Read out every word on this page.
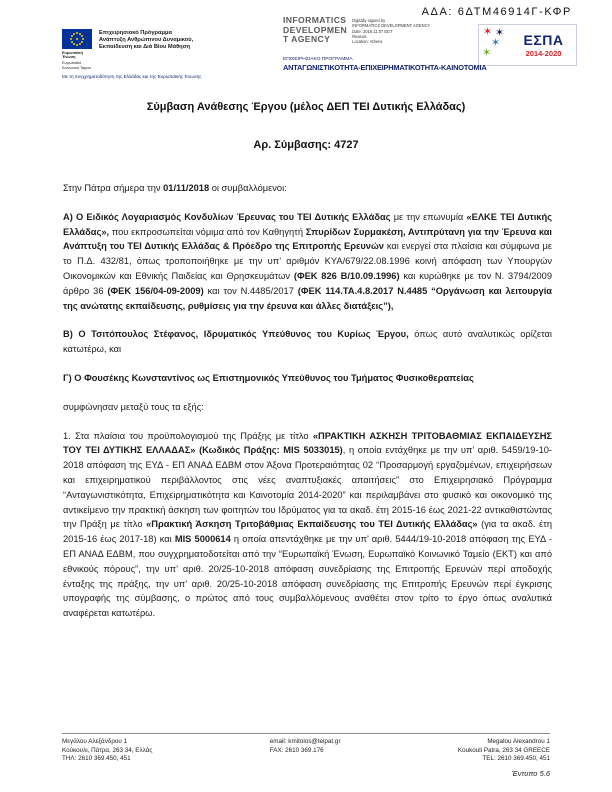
ΑΔΑ: 6ΔΤΜ46914Γ-ΚΦΡ
Ευρωπαϊκή Ένωση
Ευρωπαϊκό Κοινωνικό Ταμείο
Επιχειρησιακό Πρόγραμμα
Ανάπτυξη Ανθρώπινου Δυναμικού,
Εκπαίδευση και Διά Βίου Μάθηση
Με τη συγχρηματοδότηση της Ελλάδας και της Ευρωπαϊκής Ένωσης
INFORMATICS
DEVELOPMEN
T AGENCY
Digitally signed by
INFORMATICS DEVELOPMENT AGENCY
Date: 2018.11.07 EET
Reason:
Location: Athens
✶
✶
✶
✶	ΕΣΠΑ
2014-2020
ΕΠΙΧΕΙΡΗΣΙΑΚΟ ΠΡΟΓΡΑΜΜΑ
ΑΝΤΑΓΩΝΙΣΤΙΚΟΤΗΤΑ-ΕΠΙΧΕΙΡΗΜΑΤΙΚΟΤΗΤΑ-ΚΑΙΝΟΤΟΜΙΑ
Σύμβαση Ανάθεσης Έργου (μέλος ΔΕΠ ΤΕΙ Δυτικής Ελλάδας)
Αρ. Σύμβασης: 4727

Στην Πάτρα σήμερα την 01/11/2018 οι συμβαλλόμενοι:

Α) Ο Ειδικός Λογαριασμός Κονδυλίων Έρευνας του ΤΕΙ Δυτικής Ελλάδας με την επωνυμία «ΕΛΚΕ ΤΕΙ Δυτικής Ελλάδας», που εκπροσωπείται νόμιμα από τον Καθηγητή Σπυρίδων Συρμακέση, Αντιπρύτανη για την Έρευνα και Ανάπτυξη του ΤΕΙ Δυτικής Ελλάδας & Πρόεδρο της Επιτροπής Ερευνών και ενεργεί στα πλαίσια και σύμφωνα με το Π.Δ. 432/81, όπως τροποποιήθηκε με την υπ’ αριθμόν ΚΥΑ/679/22.08.1996 κοινή απόφαση των Υπουργών Οικονομικών και Εθνικής Παιδείας και Θρησκευμάτων (ΦΕΚ 826 Β/10.09.1996) και κυρώθηκε με τον Ν. 3794/2009 άρθρο 36 (ΦΕΚ 156/04-09-2009) και τον Ν.4485/2017 (ΦΕΚ 114.ΤΑ.4.8.2017 Ν.4485 “Οργάνωση και λειτουργία της ανώτατης εκπαίδευσης, ρυθμίσεις για την έρευνα και άλλες διατάξεις”),

Β) Ο Τσιτόπουλος Στέφανος, Ιδρυματικός Υπεύθυνος του Κυρίως Έργου, όπως αυτό αναλυτικώς ορίζεται κατωτέρω, και

Γ) Ο Φουσέκης Κωνσταντίνος ως Επιστημονικός Υπεύθυνος του Τμήματος Φυσικοθεραπείας

συμφώνησαν μεταξύ τους τα εξής:

1. Στα πλαίσια του προϋπολογισμού της Πράξης με τίτλο «ΠΡΑΚΤΙΚΗ ΑΣΚΗΣΗ ΤΡΙΤΟΒΑΘΜΙΑΣ ΕΚΠΑΙΔΕΥΣΗΣ ΤΟΥ ΤΕΙ ΔΥΤΙΚΗΣ ΕΛΛΑΔΑΣ» (Κωδικός Πράξης: MIS 5033015), η οποία εντάχθηκε με την υπ’ αριθ. 5459/19-10-2018 απόφαση της ΕΥΔ - ΕΠ ΑΝΑΔ ΕΔΒΜ στον Άξονα Προτεραιότητας 02 “Προσαρμογή εργαζομένων, επιχειρήσεων και επιχειρηματικού περιβάλλοντος στις νέες αναπτυξιακές απαιτήσεις” στο Επιχειρησιακό Πρόγραμμα “Ανταγωνιστικότητα, Επιχειρηματικότητα και Καινοτομία 2014-2020” και περιλαμβάνει στο φυσικό και οικονομικό της αντικείμενο την πρακτική άσκηση των φοιτητών του Ιδρύματος για τα ακαδ. έτη 2015-16 έως 2021-22 αντικαθιστώντας την Πράξη με τίτλο «Πρακτική Άσκηση Τριτοβάθμιας Εκπαίδευσης του ΤΕΙ Δυτικής Ελλάδας» (για τα ακαδ. έτη 2015-16 έως 2017-18) και MIS 5000614 η οποία απεντάχθηκε με την υπ’ αριθ. 5444/19-10-2018 απόφαση της ΕΥΔ - ΕΠ ΑΝΑΔ ΕΔΒΜ, που συγχρηματοδοτείται από την “Ευρωπαϊκή Ένωση, Ευρωπαϊκό Κοινωνικό Ταμείο (ΕΚΤ) και από εθνικούς πόρους”, την υπ’ αριθ. 20/25-10-2018 απόφαση συνεδρίασης της Επιτροπής Ερευνών περί αποδοχής ένταξης της πράξης, την υπ’ αριθ. 20/25-10-2018 απόφαση συνεδρίασης της Επιτροπής Ερευνών περί έγκρισης υπογραφής της σύμβασης, ο πρώτος από τους συμβαλλόμενους αναθέτει στον τρίτο το έργο όπως αναλυτικά αναφέρεται κατωτέρω.

Μεγάλου Αλεξάνδρου 1
Κούκουλι, Πάτρα, 263 34, Ελλάς
ΤΗΛ: 2610 369.450, 451
email: kmitolos@teipat.gr
FAX: 2610 369.176
Megalou Alexandrou 1
Koukouli Patra, 263 34 GREECE
TEL: 2610 369.450, 451
Έντυπο 5.6
